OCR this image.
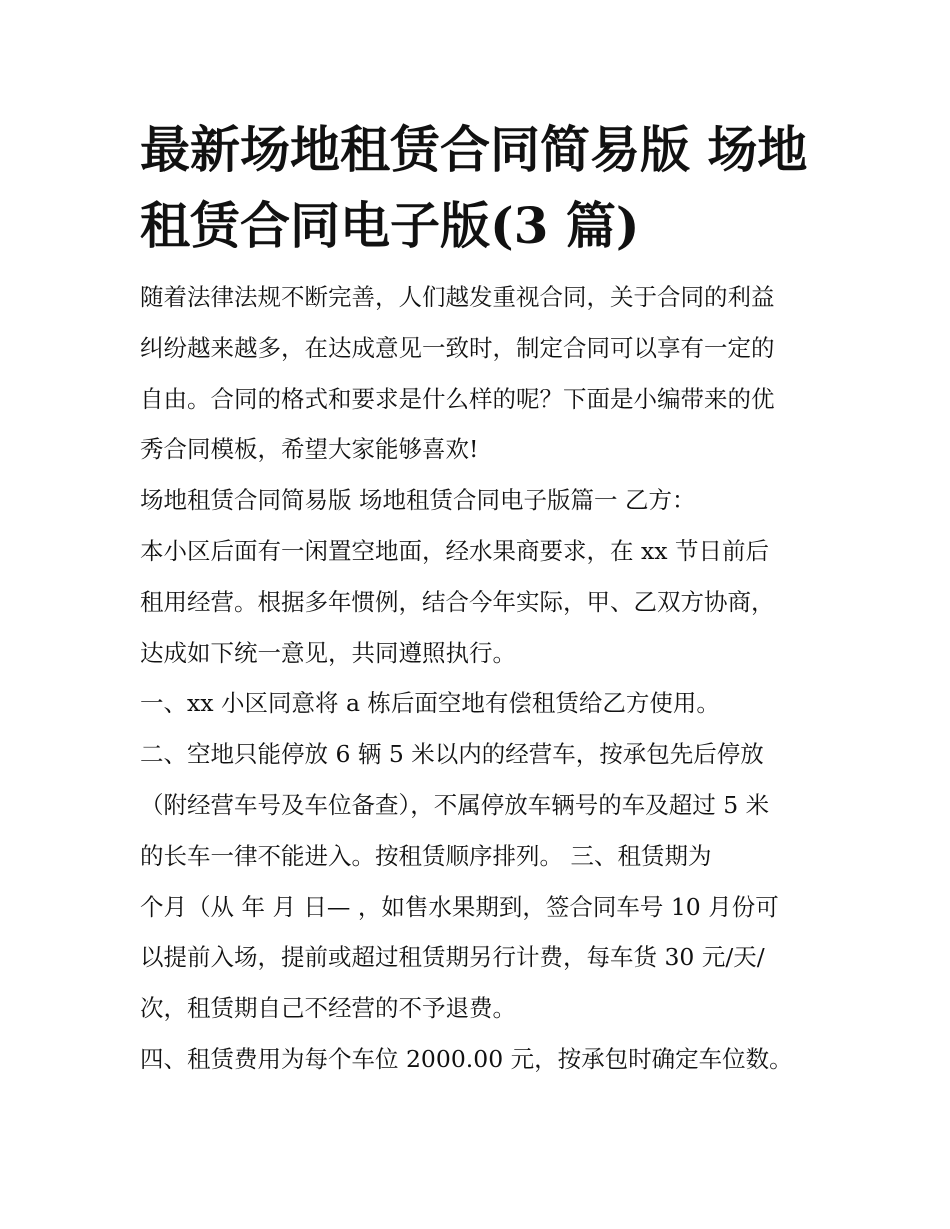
最新场地租赁合同简易版 场地
租赁合同电子版(3 篇)

随着法律法规不断完善，人们越发重视合同，关于合同的利益

纠纷越来越多，在达成意见一致时，制定合同可以享有一定的

自由。合同的格式和要求是什么样的呢？下面是小编带来的优

秀合同模板，希望大家能够喜欢!

场地租赁合同简易版 场地租赁合同电子版篇一 乙方：

本小区后面有一闲置空地面，经水果商要求，在 xx 节日前后

租用经营。根据多年惯例，结合今年实际，甲、乙双方协商，

达成如下统一意见，共同遵照执行。

一、xx 小区同意将 a 栋后面空地有偿租赁给乙方使用。

二、空地只能停放 6 辆 5 米以内的经营车，按承包先后停放

（附经营车号及车位备查），不属停放车辆号的车及超过 5 米

的长车一律不能进入。按租赁顺序排列。 三、租赁期为

个月（从 年 月 日— ，如售水果期到，签合同车号 10 月份可

以提前入场，提前或超过租赁期另行计费，每车货 30 元/天/

次，租赁期自己不经营的不予退费。

四、租赁费用为每个车位 2000.00 元，按承包时确定车位数。
